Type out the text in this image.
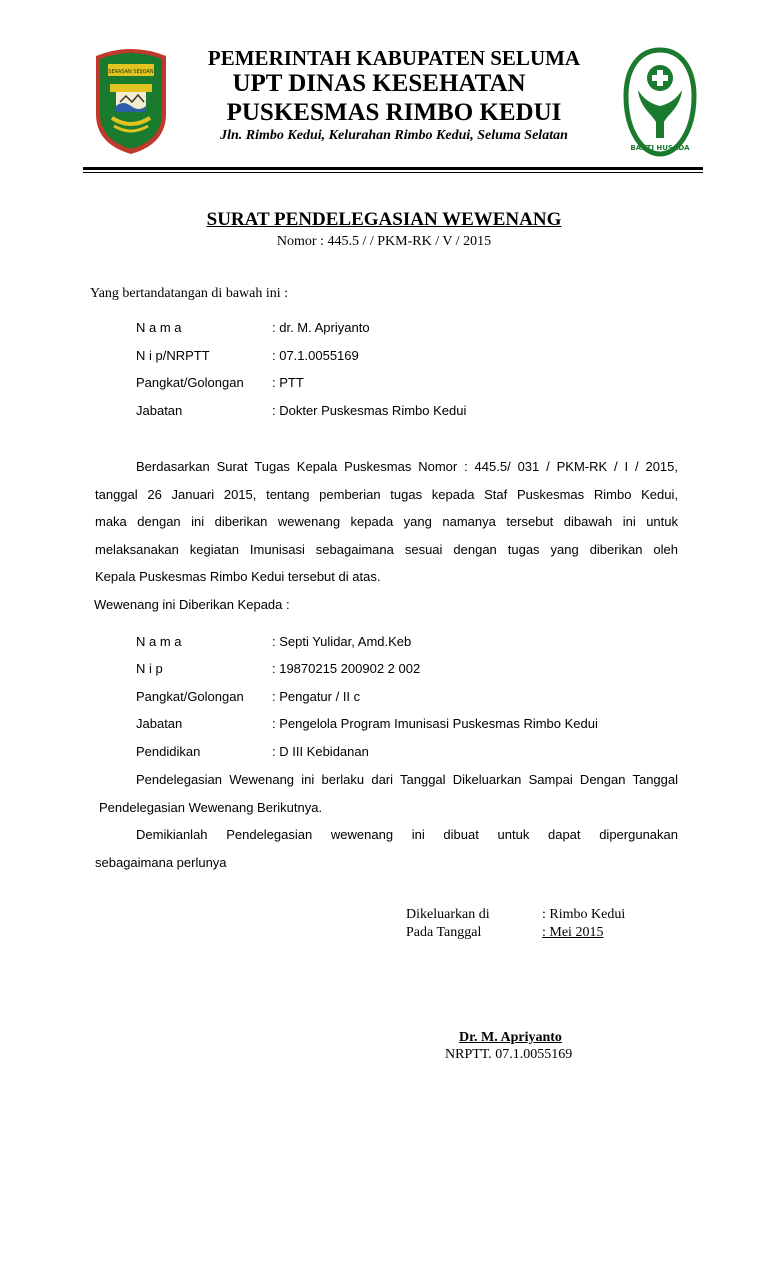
SERASAN SEIJOAN
BAKTI HUSADA
PEMERINTAH KABUPATEN SELUMA
UPT DINAS KESEHATAN
PUSKESMAS RIMBO KEDUI
Jln. Rimbo Kedui, Kelurahan Rimbo Kedui, Seluma Selatan
SURAT PENDELEGASIAN WEWENANG
Nomor : 445.5 / / PKM-RK / V / 2015
Yang bertandatangan di bawah ini :
N a m a	: dr. M. Apriyanto
N i p/NRPTT	: 07.1.0055169
Pangkat/Golongan : PTT
Jabatan	: Dokter Puskesmas Rimbo Kedui
Berdasarkan Surat Tugas Kepala Puskesmas Nomor : 445.5/ 031 / PKM-RK / I / 2015,
tanggal 26 Januari 2015, tentang pemberian tugas kepada Staf Puskesmas Rimbo Kedui,
maka dengan ini diberikan wewenang kepada yang namanya tersebut dibawah ini untuk
melaksanakan kegiatan Imunisasi sebagaimana sesuai dengan tugas yang diberikan oleh
Kepala Puskesmas Rimbo Kedui tersebut di atas.
Wewenang ini Diberikan Kepada :
N a m a	: Septi Yulidar, Amd.Keb
N i p	: 19870215 200902 2 002
Pangkat/Golongan : Pengatur / II c
Jabatan	: Pengelola Program Imunisasi Puskesmas Rimbo Kedui
Pendidikan	: D III Kebidanan
Pendelegasian Wewenang ini berlaku dari Tanggal Dikeluarkan Sampai Dengan Tanggal
Pendelegasian Wewenang Berikutnya.
Demikianlah Pendelegasian wewenang ini dibuat untuk dapat dipergunakan
sebagaimana perlunya
Dikeluarkan di	: Rimbo Kedui
Pada Tanggal	: Mei 2015
Dr. M. Apriyanto
NRPTT. 07.1.0055169
